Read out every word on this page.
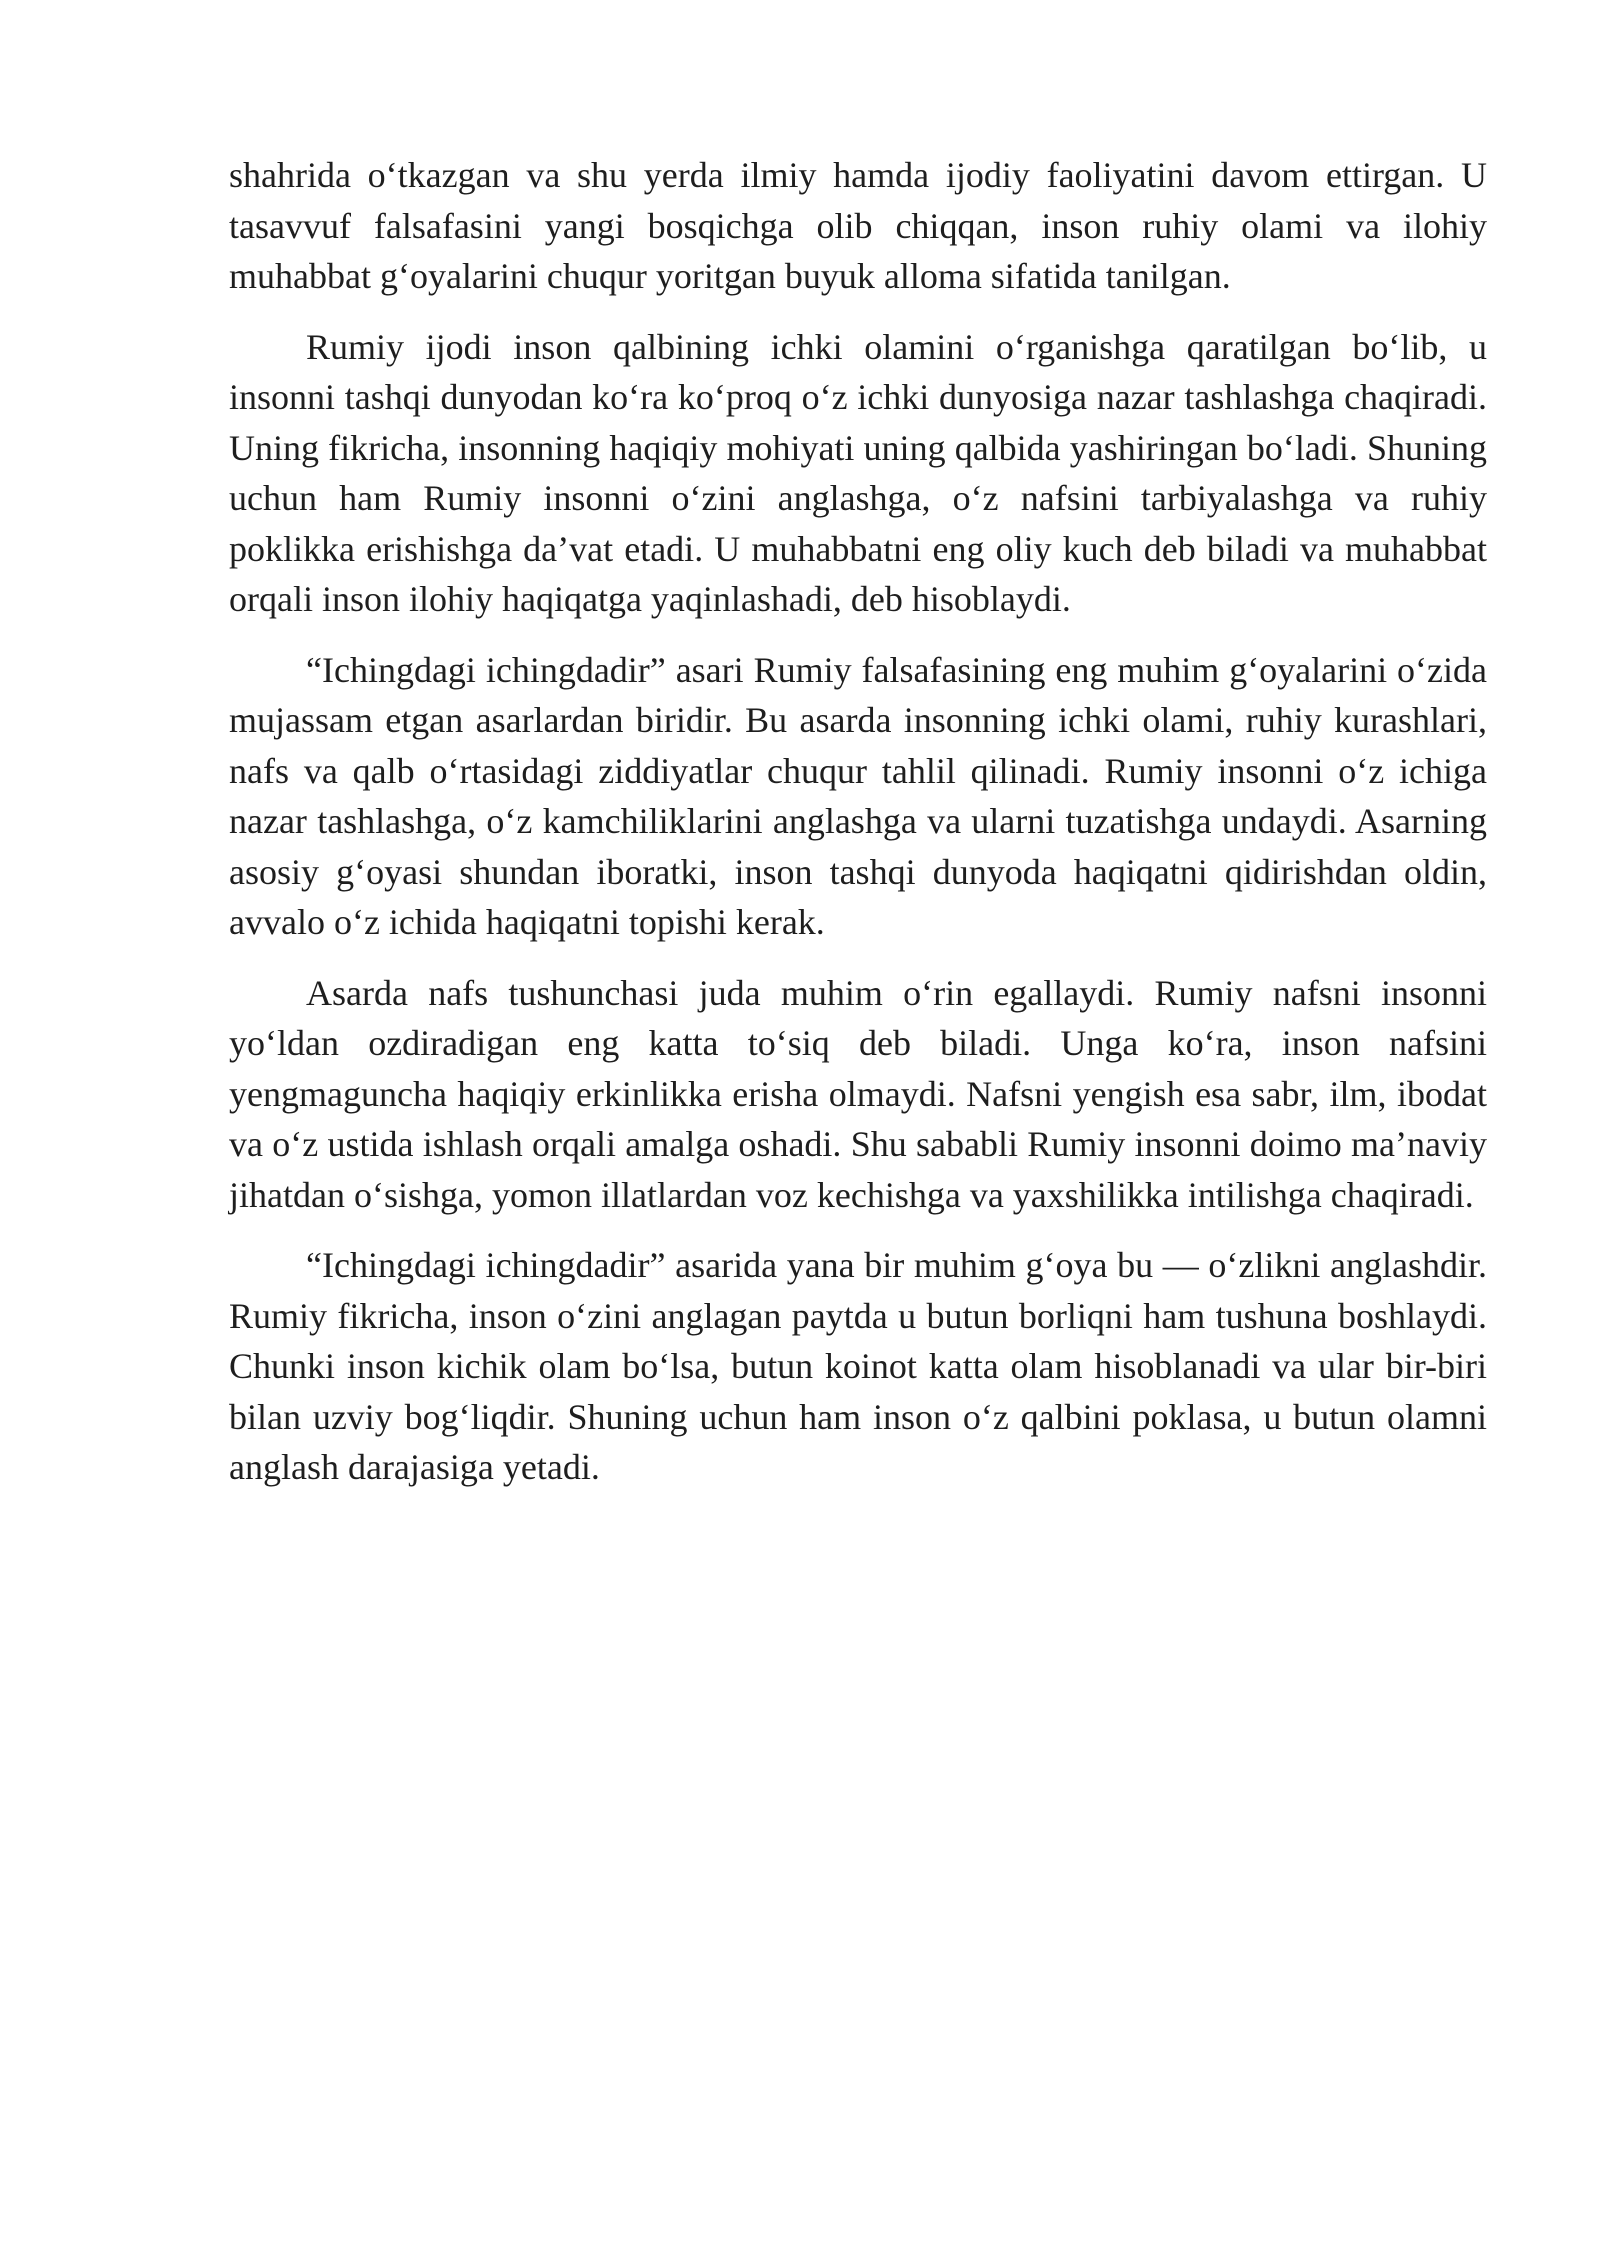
shahrida o‘tkazgan va shu yerda ilmiy hamda ijodiy faoliyatini davom ettirgan. U tasavvuf falsafasini yangi bosqichga olib chiqqan, inson ruhiy olami va ilohiy muhabbat g‘oyalarini chuqur yoritgan buyuk alloma sifatida tanilgan.

Rumiy ijodi inson qalbining ichki olamini o‘rganishga qaratilgan bo‘lib, u insonni tashqi dunyodan ko‘ra ko‘proq o‘z ichki dunyosiga nazar tashlashga chaqiradi. Uning fikricha, insonning haqiqiy mohiyati uning qalbida yashiringan bo‘ladi. Shuning uchun ham Rumiy insonni o‘zini anglashga, o‘z nafsini tarbiyalashga va ruhiy poklikka erishishga da’vat etadi. U muhabbatni eng oliy kuch deb biladi va muhabbat orqali inson ilohiy haqiqatga yaqinlashadi, deb hisoblaydi.

“Ichingdagi ichingdadir” asari Rumiy falsafasining eng muhim g‘oyalarini o‘zida mujassam etgan asarlardan biridir. Bu asarda insonning ichki olami, ruhiy kurashlari, nafs va qalb o‘rtasidagi ziddiyatlar chuqur tahlil qilinadi. Rumiy insonni o‘z ichiga nazar tashlashga, o‘z kamchiliklarini anglashga va ularni tuzatishga undaydi. Asarning asosiy g‘oyasi shundan iboratki, inson tashqi dunyoda haqiqatni qidirishdan oldin, avvalo o‘z ichida haqiqatni topishi kerak.

Asarda nafs tushunchasi juda muhim o‘rin egallaydi. Rumiy nafsni insonni yo‘ldan ozdiradigan eng katta to‘siq deb biladi. Unga ko‘ra, inson nafsini yengmaguncha haqiqiy erkinlikka erisha olmaydi. Nafsni yengish esa sabr, ilm, ibodat va o‘z ustida ishlash orqali amalga oshadi. Shu sababli Rumiy insonni doimo ma’naviy jihatdan o‘sishga, yomon illatlardan voz kechishga va yaxshilikka intilishga chaqiradi.

“Ichingdagi ichingdadir” asarida yana bir muhim g‘oya bu — o‘zlikni anglashdir. Rumiy fikricha, inson o‘zini anglagan paytda u butun borliqni ham tushuna boshlaydi. Chunki inson kichik olam bo‘lsa, butun koinot katta olam hisoblanadi va ular bir-biri bilan uzviy bog‘liqdir. Shuning uchun ham inson o‘z qalbini poklasa, u butun olamni anglash darajasiga yetadi.
